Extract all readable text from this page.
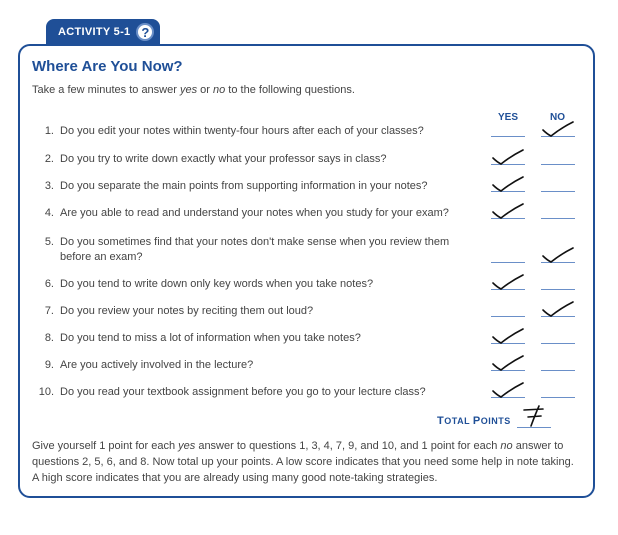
ACTIVITY 5-1 ?
Where Are You Now?
Take a few minutes to answer yes or no to the following questions.
YES	NO
1. Do you edit your notes within twenty-four hours after each of your classes?
2. Do you try to write down exactly what your professor says in class?
3. Do you separate the main points from supporting information in your notes?
4. Are you able to read and understand your notes when you study for your exam?
5. Do you sometimes find that your notes don't make sense when you review them before an exam?
6. Do you tend to write down only key words when you take notes?
7. Do you review your notes by reciting them out loud?
8. Do you tend to miss a lot of information when you take notes?
9. Are you actively involved in the lecture?
10. Do you read your textbook assignment before you go to your lecture class?
TOTAL POINTS
Give yourself 1 point for each yes answer to questions 1, 3, 4, 7, 9, and 10, and 1 point for each no answer to questions 2, 5, 6, and 8. Now total up your points. A low score indicates that you need some help in note taking. A high score indicates that you are already using many good note-taking strategies.
